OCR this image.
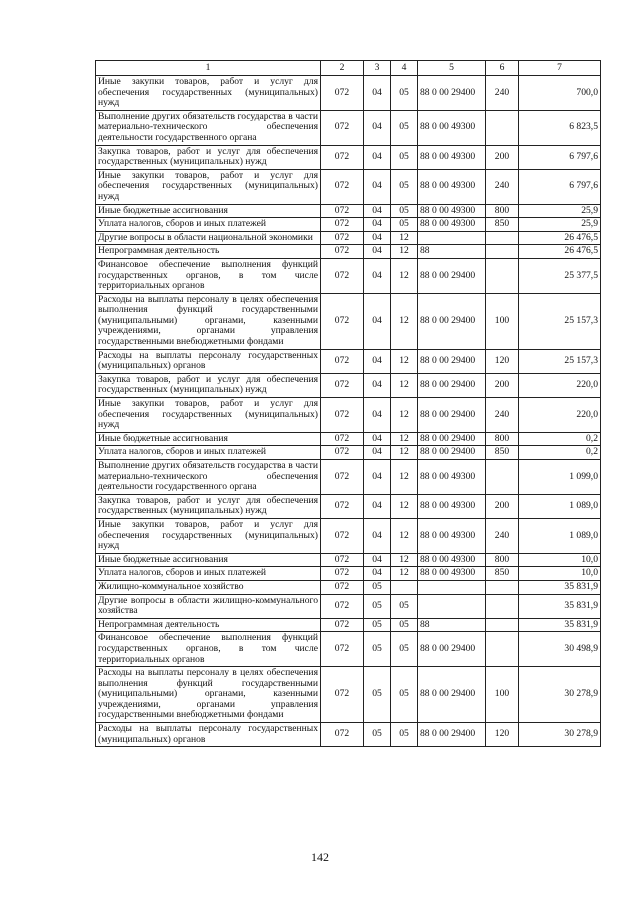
1	2	3	4	5	6	7
Иные закупки товаров, работ и услуг для обеспечения государственных (муниципальных) нужд	072	04	05	88 0 00 29400	240	700,0
Выполнение других обязательств государства в части материально-технического обеспечения деятельности государственного органа	072	04	05	88 0 00 49300		6 823,5
Закупка товаров, работ и услуг для обеспечения государственных (муниципальных) нужд	072	04	05	88 0 00 49300	200	6 797,6
Иные закупки товаров, работ и услуг для обеспечения государственных (муниципальных) нужд	072	04	05	88 0 00 49300	240	6 797,6
Иные бюджетные ассигнования	072	04	05	88 0 00 49300	800	25,9
Уплата налогов, сборов и иных платежей	072	04	05	88 0 00 49300	850	25,9
Другие вопросы в области национальной экономики	072	04	12			26 476,5
Непрограммная деятельность	072	04	12	88		26 476,5
Финансовое обеспечение выполнения функций государственных органов, в том числе территориальных органов	072	04	12	88 0 00 29400		25 377,5
Расходы на выплаты персоналу в целях обеспечения выполнения функций государственными (муниципальными) органами, казенными учреждениями, органами управления государственными внебюджетными фондами	072	04	12	88 0 00 29400	100	25 157,3
Расходы на выплаты персоналу государственных (муниципальных) органов	072	04	12	88 0 00 29400	120	25 157,3
Закупка товаров, работ и услуг для обеспечения государственных (муниципальных) нужд	072	04	12	88 0 00 29400	200	220,0
Иные закупки товаров, работ и услуг для обеспечения государственных (муниципальных) нужд	072	04	12	88 0 00 29400	240	220,0
Иные бюджетные ассигнования	072	04	12	88 0 00 29400	800	0,2
Уплата налогов, сборов и иных платежей	072	04	12	88 0 00 29400	850	0,2
Выполнение других обязательств государства в части материально-технического обеспечения деятельности государственного органа	072	04	12	88 0 00 49300		1 099,0
Закупка товаров, работ и услуг для обеспечения государственных (муниципальных) нужд	072	04	12	88 0 00 49300	200	1 089,0
Иные закупки товаров, работ и услуг для обеспечения государственных (муниципальных) нужд	072	04	12	88 0 00 49300	240	1 089,0
Иные бюджетные ассигнования	072	04	12	88 0 00 49300	800	10,0
Уплата налогов, сборов и иных платежей	072	04	12	88 0 00 49300	850	10,0
Жилищно-коммунальное хозяйство	072	05				35 831,9
Другие вопросы в области жилищно-коммунального хозяйства	072	05	05			35 831,9
Непрограммная деятельность	072	05	05	88		35 831,9
Финансовое обеспечение выполнения функций государственных органов, в том числе территориальных органов	072	05	05	88 0 00 29400		30 498,9
Расходы на выплаты персоналу в целях обеспечения выполнения функций государственными (муниципальными) органами, казенными учреждениями, органами управления государственными внебюджетными фондами	072	05	05	88 0 00 29400	100	30 278,9
Расходы на выплаты персоналу государственных (муниципальных) органов	072	05	05	88 0 00 29400	120	30 278,9
142
